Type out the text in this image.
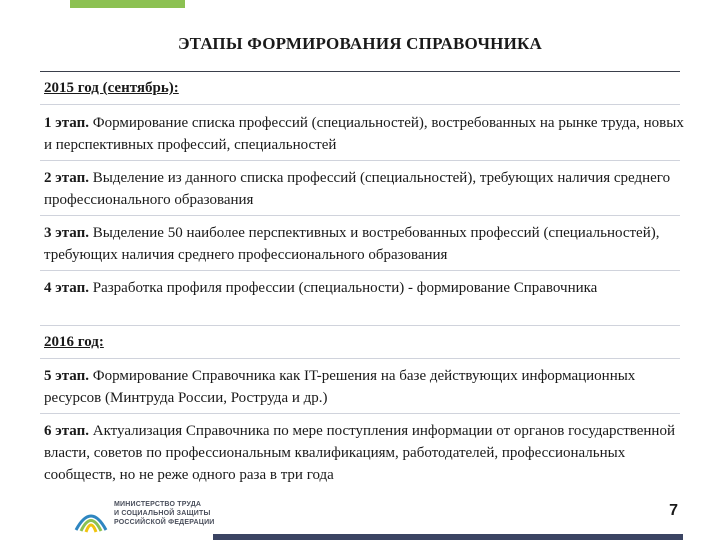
ЭТАПЫ ФОРМИРОВАНИЯ СПРАВОЧНИКА
2015 год (сентябрь):
1 этап. Формирование списка профессий (специальностей), востребованных на рынке труда, новых и перспективных профессий, специальностей
2 этап. Выделение из данного списка профессий (специальностей), требующих наличия среднего профессионального образования
3 этап. Выделение 50 наиболее перспективных и востребованных профессий (специальностей), требующих наличия среднего профессионального образования
4 этап. Разработка профиля профессии (специальности) - формирование Справочника
2016 год:
5 этап. Формирование Справочника как IT-решения на базе действующих информационных ресурсов (Минтруда России, Роструда и др.)
6 этап. Актуализация Справочника по мере поступления информации от органов государственной власти, советов по профессиональным квалификациям, работодателей, профессиональных сообществ, но не реже одного раза в три года
МИНИСТЕРСТВО ТРУДА
И СОЦИАЛЬНОЙ ЗАЩИТЫ
РОССИЙСКОЙ ФЕДЕРАЦИИ
7
